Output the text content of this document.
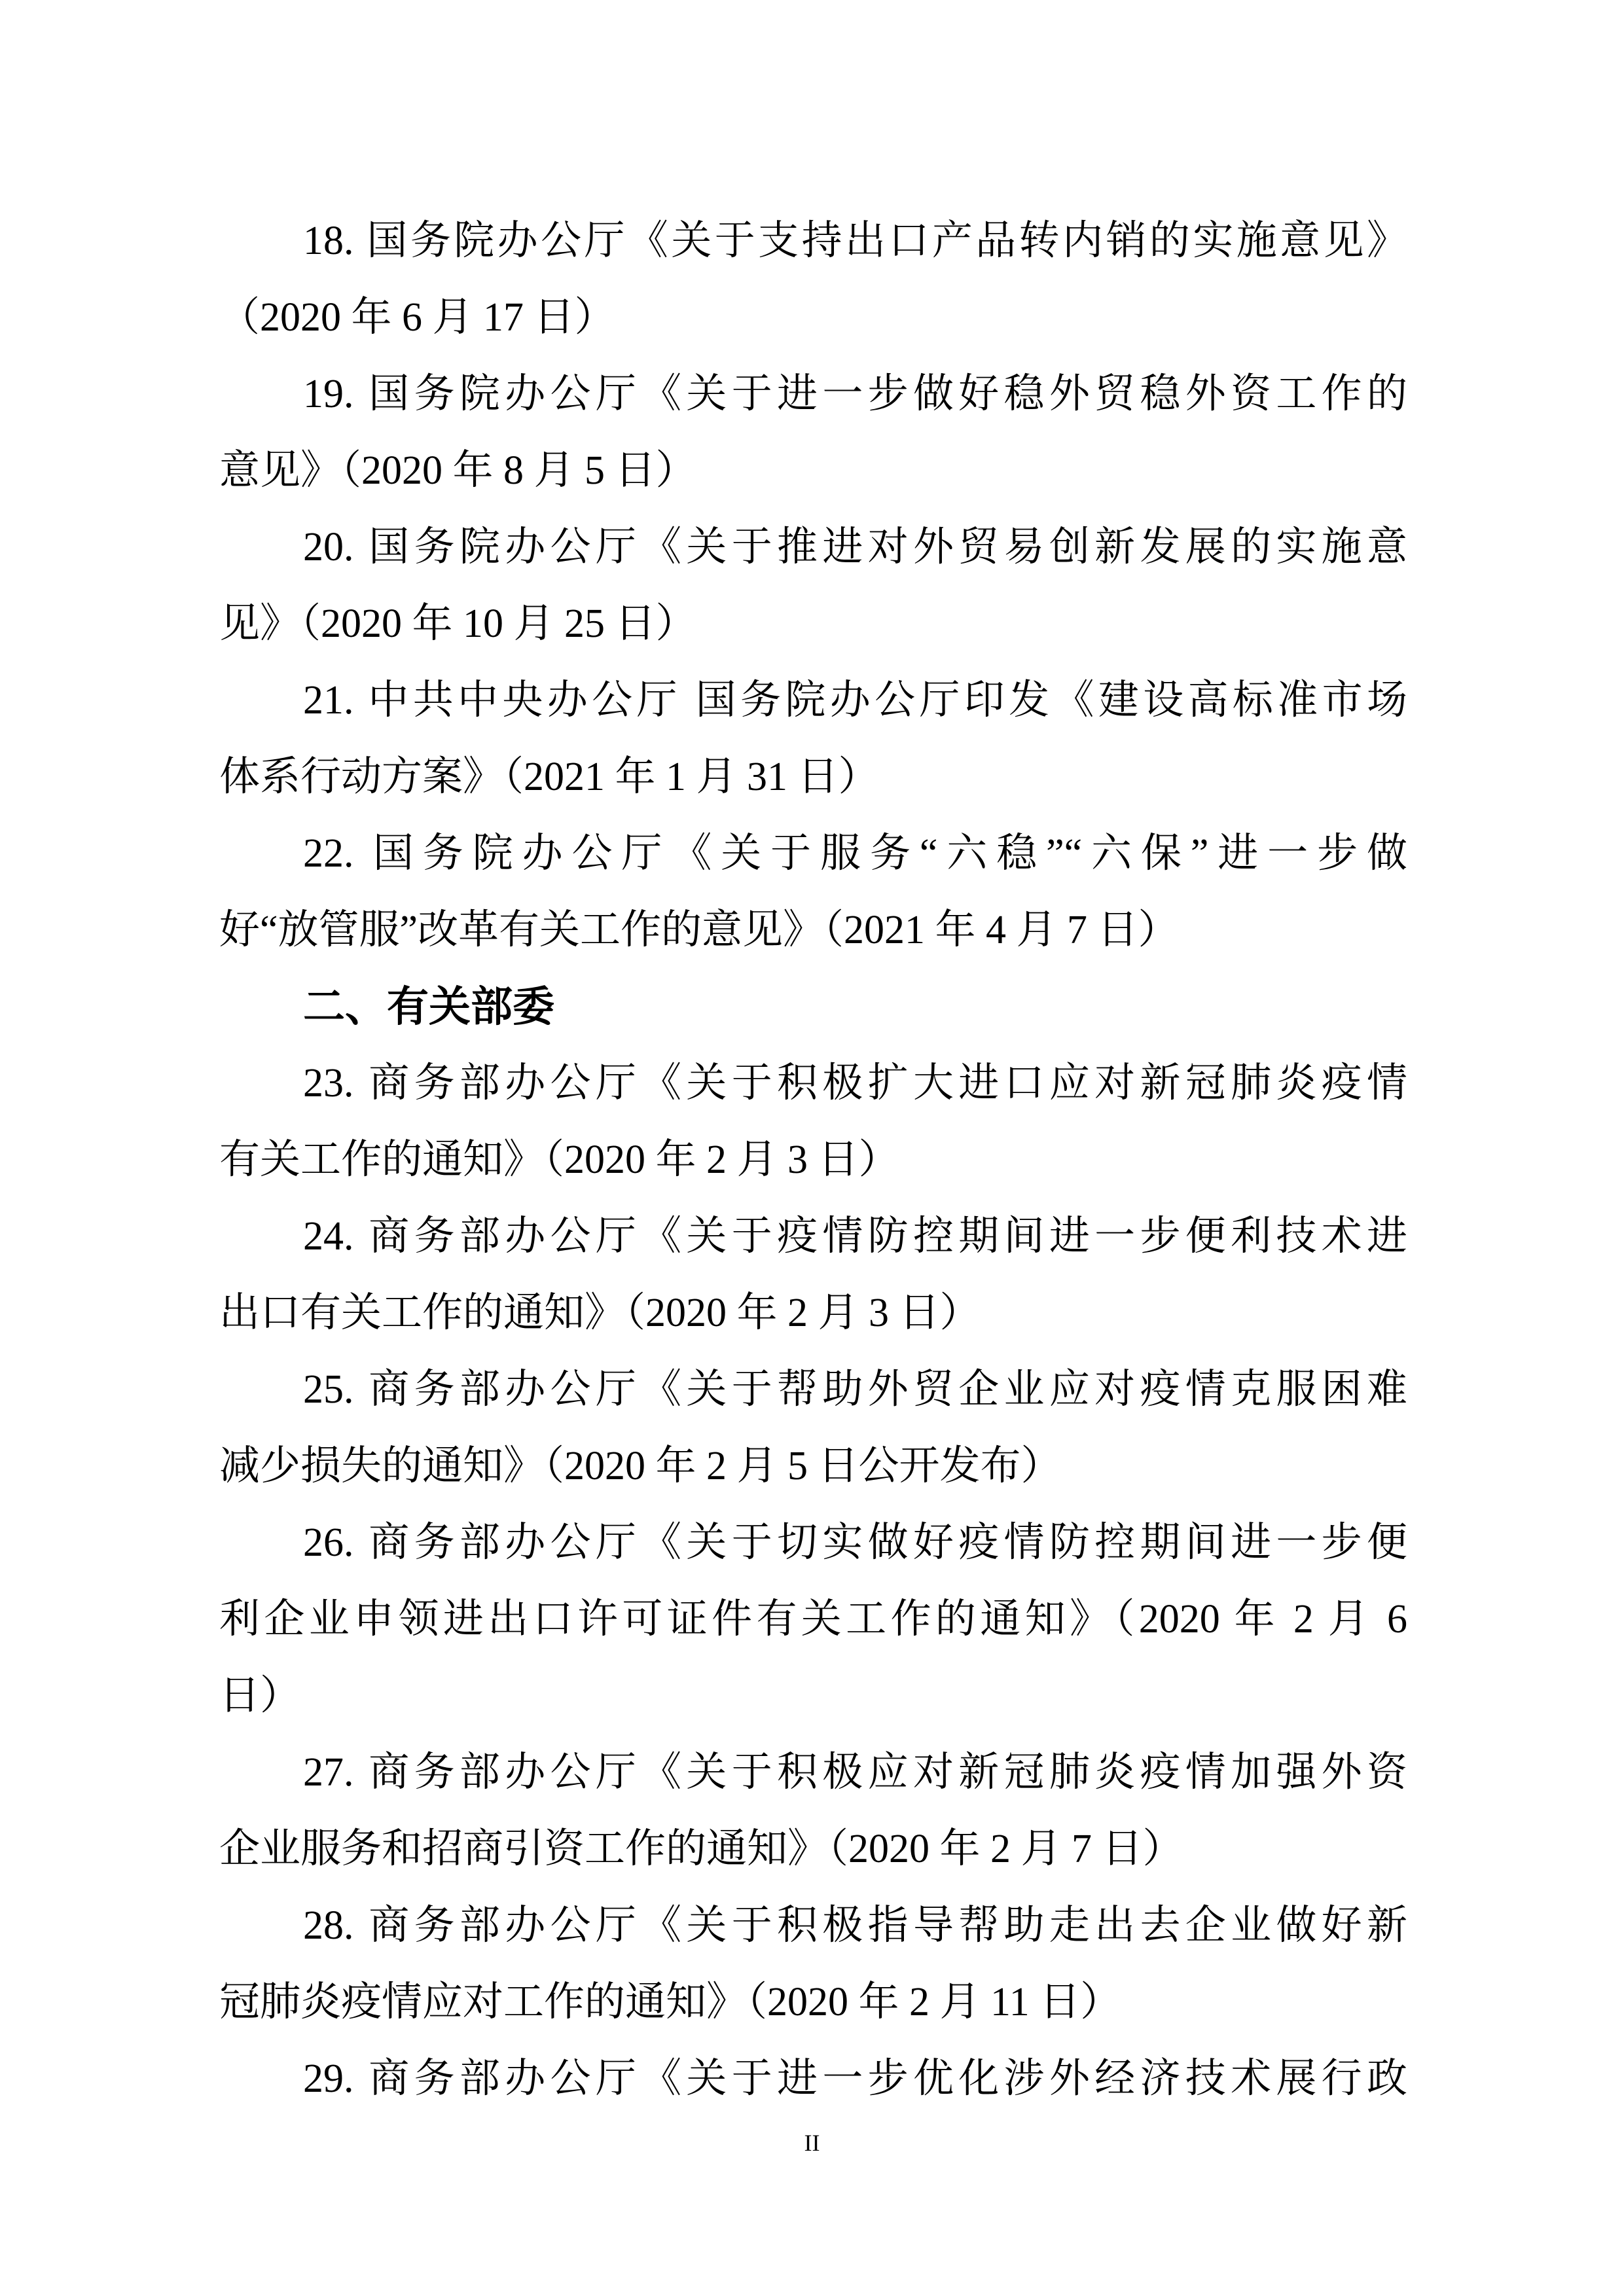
18. 国务院办公厅《关于支持出口产品转内销的实施意见》
（2020 年 6 月 17 日）
19. 国务院办公厅《关于进一步做好稳外贸稳外资工作的
意见》（2020 年 8 月 5 日）
20. 国务院办公厅《关于推进对外贸易创新发展的实施意
见》（2020 年 10 月 25 日）
21. 中共中央办公厅 国务院办公厅印发《建设高标准市场
体系行动方案》（2021 年 1 月 31 日）
22. 国务院办公厅《关于服务“六稳”“六保”进一步做
好“放管服”改革有关工作的意见》（2021 年 4 月 7 日）
二、有关部委
23. 商务部办公厅《关于积极扩大进口应对新冠肺炎疫情
有关工作的通知》（2020 年 2 月 3 日）
24. 商务部办公厅《关于疫情防控期间进一步便利技术进
出口有关工作的通知》（2020 年 2 月 3 日）
25. 商务部办公厅《关于帮助外贸企业应对疫情克服困难
减少损失的通知》（2020 年 2 月 5 日公开发布）
26. 商务部办公厅《关于切实做好疫情防控期间进一步便
利企业申领进出口许可证件有关工作的通知》（2020 年 2 月 6
日）
27. 商务部办公厅《关于积极应对新冠肺炎疫情加强外资
企业服务和招商引资工作的通知》（2020 年 2 月 7 日）
28. 商务部办公厅《关于积极指导帮助走出去企业做好新
冠肺炎疫情应对工作的通知》（2020 年 2 月 11 日）
29. 商务部办公厅《关于进一步优化涉外经济技术展行政
II
